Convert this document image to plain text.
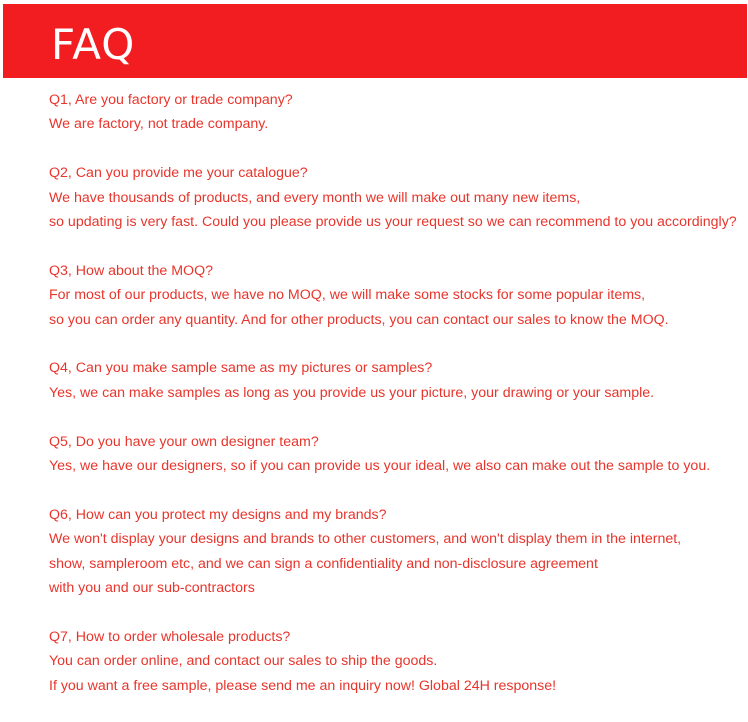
FAQ
Q1, Are you factory or trade company?
We are factory, not trade company.
Q2, Can you provide me your catalogue?
We have thousands of products, and every month we will make out many new items,
so updating is very fast. Could you please provide us your request so we can recommend to you accordingly?
Q3, How about the MOQ?
For most of our products, we have no MOQ, we will make some stocks for some popular items,
so you can order any quantity. And for other products, you can contact our sales to know the MOQ.
Q4, Can you make sample same as my pictures or samples?
Yes, we can make samples as long as you provide us your picture, your drawing or your sample.
Q5, Do you have your own designer team?
Yes, we have our designers, so if you can provide us your ideal, we also can make out the sample to you.
Q6, How can you protect my designs and my brands?
We won't display your designs and brands to other customers, and won't display them in the internet,
show, sampleroom etc, and we can sign a confidentiality and non-disclosure agreement
with you and our sub-contractors
Q7, How to order wholesale products?
You can order online, and contact our sales to ship the goods.
If you want a free sample, please send me an inquiry now! Global 24H response!
